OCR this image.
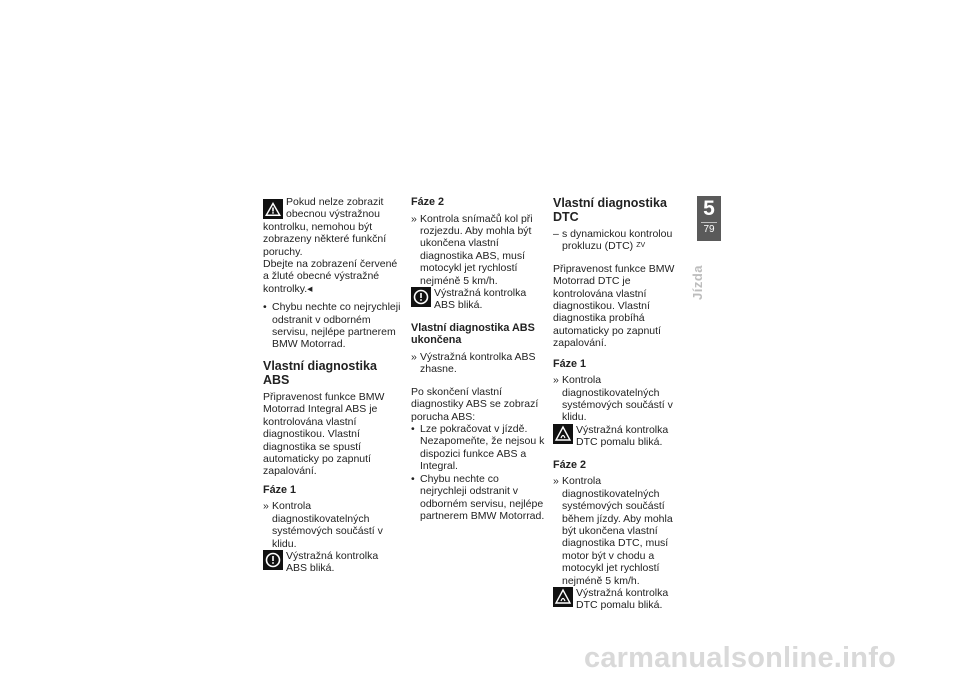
Pokud nelze zobrazit obecnou výstražnou kontrolku, nemohou být zobrazeny některé funkční poruchy.

Dbejte na zobrazení červené a žluté obecné výstražné kontrolky.◂

• Chybu nechte co nejrychleji odstranit v odborném servisu, nejlépe partnerem BMW Motorrad.
Vlastní diagnostika ABS

Připravenost funkce BMW Motorrad Integral ABS je kontrolována vlastní diagnostikou. Vlastní diagnostika se spustí automaticky po zapnutí zapalování.

Fáze 1
» Kontrola diagnostikovatelných systémových součástí v klidu.
Výstražná kontrolka ABS bliká.
Fáze 2
» Kontrola snímačů kol při rozjezdu. Aby mohla být ukončena vlastní diagnostika ABS, musí motocykl jet rychlostí nejméně 5 km/h.
Výstražná kontrolka ABS bliká.
Vlastní diagnostika ABS ukončena
» Výstražná kontrolka ABS zhasne.

Po skončení vlastní diagnostiky ABS se zobrazí porucha ABS:

• Lze pokračovat v jízdě. Nezapomeňte, že nejsou k dispozici funkce ABS a Integral.
• Chybu nechte co nejrychleji odstranit v odborném servisu, nejlépe partnerem BMW Motorrad.
Vlastní diagnostika DTC
– s dynamickou kontrolou prokluzu (DTC) $^{ZV}$

Připravenost funkce BMW Motorrad DTC je kontrolována vlastní diagnostikou. Vlastní diagnostika probíhá automaticky po zapnutí zapalování.

Fáze 1
» Kontrola diagnostikovatelných systémových součástí v klidu.
Výstražná kontrolka DTC pomalu bliká.
Fáze 2
» Kontrola diagnostikovatelných systémových součástí během jízdy. Aby mohla být ukončena vlastní diagnostika DTC, musí motor být v chodu a motocykl jet rychlostí nejméně 5 km/h.
Výstražná kontrolka DTC pomalu bliká.
5
79
Jízda
carmanualsonline.info
